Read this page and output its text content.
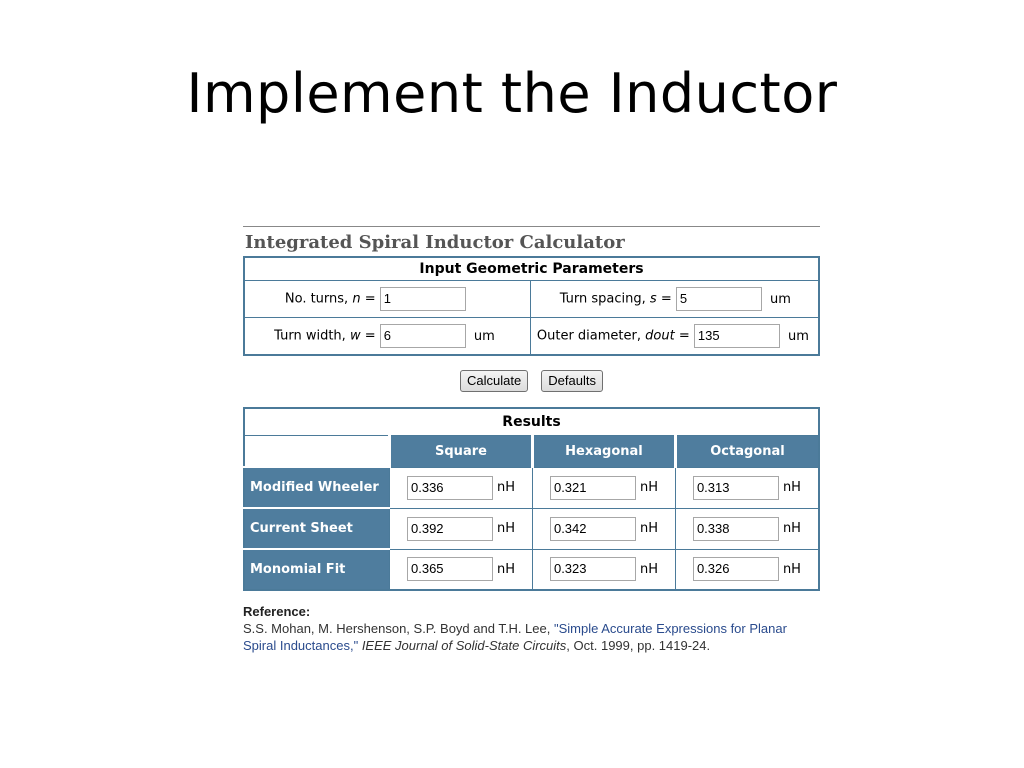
Implement the Inductor
Integrated Spiral Inductor Calculator
Input Geometric Parameters	
No. turns, n = 1	Turn spacing, s = 5 um
Turn width, w = 6 um	Outer diameter, dout = 135 um
Calculate Defaults
Results			
	Square	Hexagonal	Octagonal
Modified Wheeler	0.336 nH	0.321 nH	0.313 nH
Current Sheet	0.392 nH	0.342 nH	0.338 nH
Monomial Fit	0.365 nH	0.323 nH	0.326 nH
Reference:
S.S. Mohan, M. Hershenson, S.P. Boyd and T.H. Lee, "Simple Accurate Expressions for Planar Spiral Inductances," IEEE Journal of Solid-State Circuits, Oct. 1999, pp. 1419-24.
